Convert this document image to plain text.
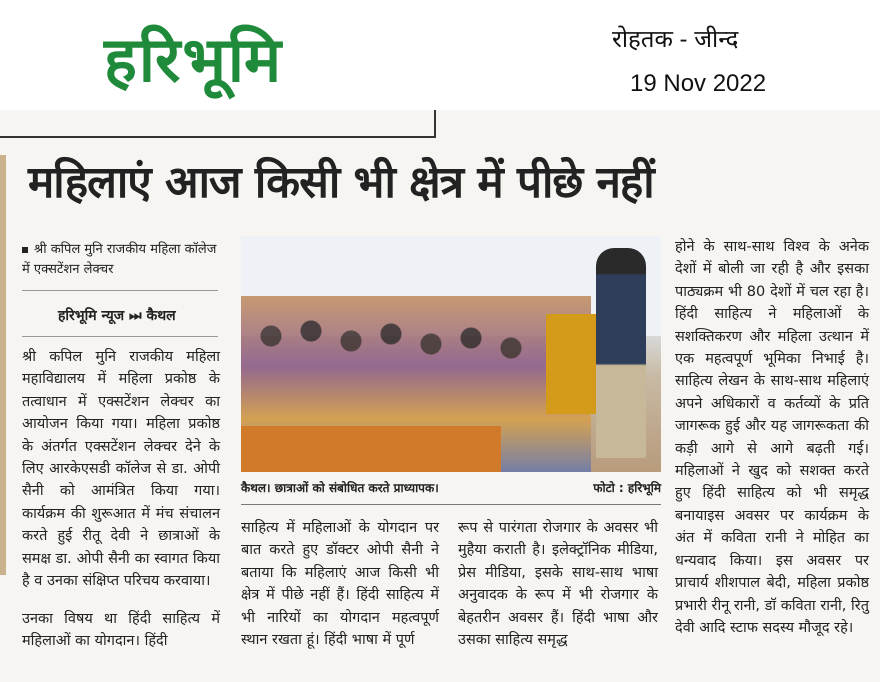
हरिभूमि	रोहतक - जीन्द
19 Nov 2022
महिलाएं आज किसी भी क्षेत्र में पीछे नहीं
श्री कपिल मुनि राजकीय महिला कॉलेज में एक्सटेंशन लेक्चर
हरिभूमि न्यूज ⏭ कैथल
श्री कपिल मुनि राजकीय महिला महाविद्यालय में महिला प्रकोष्ठ के तत्वाधान में एक्सटेंशन लेक्चर का आयोजन किया गया। महिला प्रकोष्ठ के अंतर्गत एक्सटेंशन लेक्चर देने के लिए आरकेएसडी कॉलेज से डा. ओपी सैनी को आमंत्रित किया गया। कार्यक्रम की शुरूआत में मंच संचालन करते हुई रीतू देवी ने छात्राओं के समक्ष डा. ओपी सैनी का स्वागत किया है व उनका संक्षिप्त परिचय करवाया।
उनका विषय था हिंदी साहित्य में महिलाओं का योगदान। हिंदी
कैथल। छात्राओं को संबोधित करते प्राध्यापक।	फोटो : हरिभूमि
साहित्य में महिलाओं के योगदान पर बात करते हुए डॉक्टर ओपी सैनी ने बताया कि महिलाएं आज किसी भी क्षेत्र में पीछे नहीं हैं। हिंदी साहित्य में भी नारियों का योगदान महत्वपूर्ण स्थान रखता हूं। हिंदी भाषा में पूर्ण
रूप से पारंगता रोजगार के अवसर भी मुहैया कराती है। इलेक्ट्रॉनिक मीडिया, प्रेस मीडिया, इसके साथ-साथ भाषा अनुवादक के रूप में भी रोजगार के बेहतरीन अवसर हैं। हिंदी भाषा और उसका साहित्य समृद्ध
होने के साथ-साथ विश्व के अनेक देशों में बोली जा रही है और इसका पाठ्यक्रम भी 80 देशों में चल रहा है। हिंदी साहित्य ने महिलाओं के सशक्तिकरण और महिला उत्थान में एक महत्वपूर्ण भूमिका निभाई है। साहित्य लेखन के साथ-साथ महिलाएं अपने अधिकारों व कर्तव्यों के प्रति जागरूक हुई और यह जागरूकता की कड़ी आगे से आगे बढ़ती गई। महिलाओं ने खुद को सशक्त करते हुए हिंदी साहित्य को भी समृद्ध बनायाइस अवसर पर कार्यक्रम के अंत में कविता रानी ने मोहित का धन्यवाद किया। इस अवसर पर प्राचार्य शीशपाल बेदी, महिला प्रकोष्ठ प्रभारी रीनू रानी, डॉ कविता रानी, रितु देवी आदि स्टाफ सदस्य मौजूद रहे।
